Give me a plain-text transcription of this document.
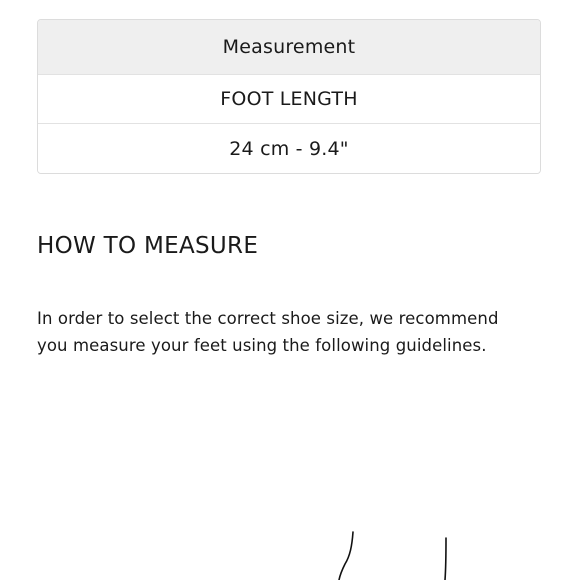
Measurement
FOOT LENGTH
24 cm - 9.4"
HOW TO MEASURE

In order to select the correct shoe size, we recommend you measure your feet using the following guidelines.
